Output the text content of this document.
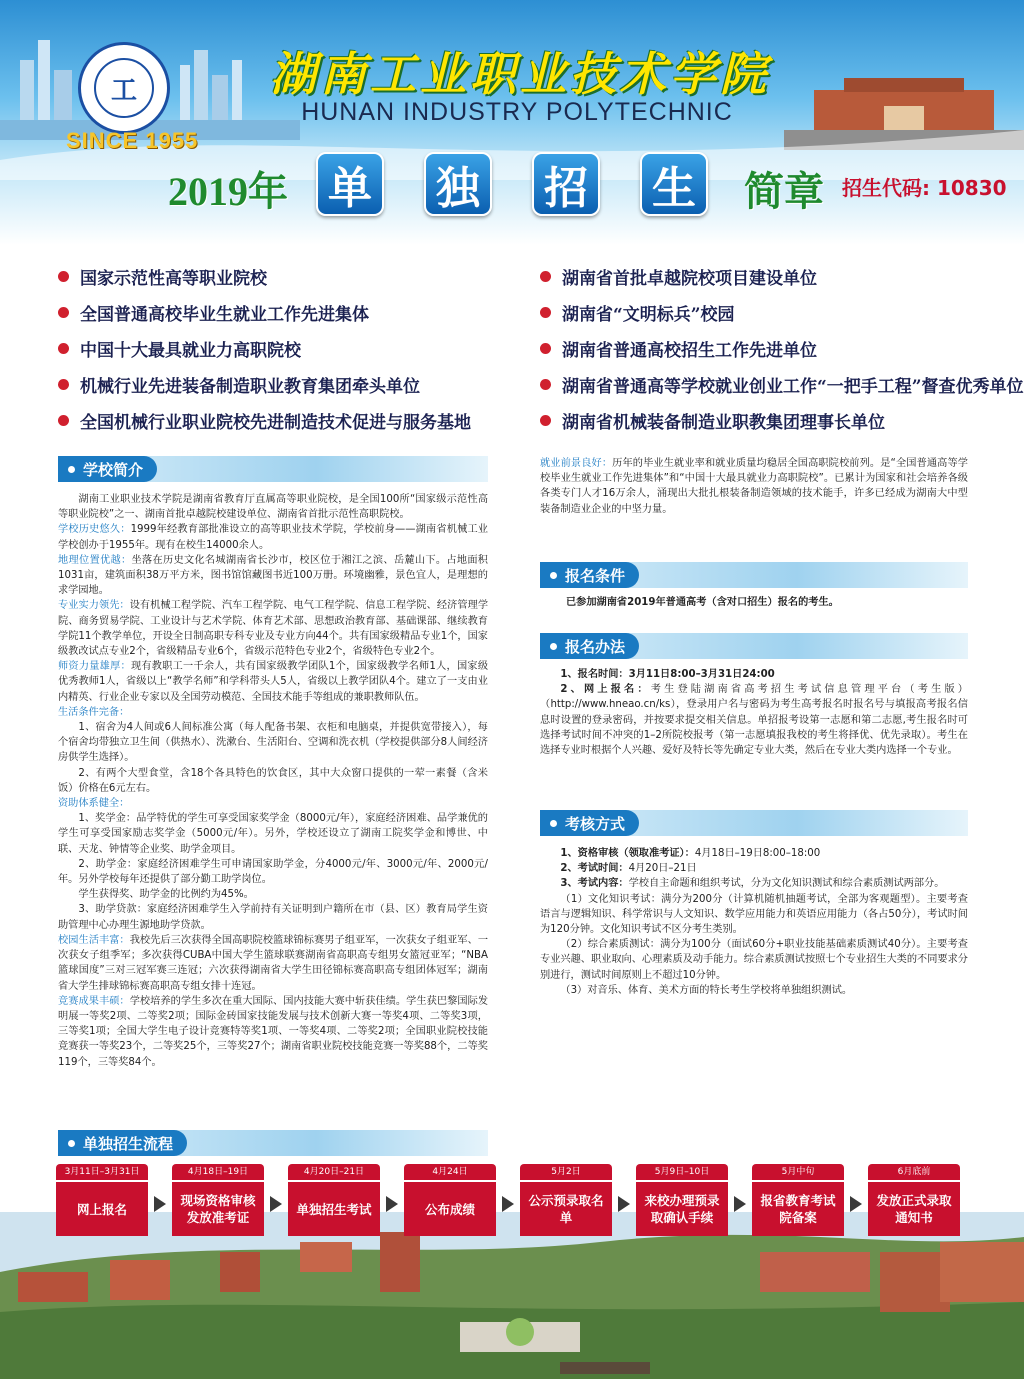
工
SINCE 1955
湖南工业职业技术学院
HUNAN INDUSTRY POLYTECHNIC
2019年 单 独 招 生	简章 招生代码: 10830
国家示范性高等职业院校
全国普通高校毕业生就业工作先进集体
中国十大最具就业力高职院校
机械行业先进装备制造职业教育集团牵头单位
全国机械行业职业院校先进制造技术促进与服务基地
湖南省首批卓越院校项目建设单位
湖南省“文明标兵”校园
湖南省普通高校招生工作先进单位
湖南省普通高等学校就业创业工作“一把手工程”督查优秀单位
湖南省机械装备制造业职教集团理事长单位
学校简介

湖南工业职业技术学院是湖南省教育厅直属高等职业院校，是全国100所“国家级示范性高等职业院校”之一、湖南首批卓越院校建设单位、湖南省首批示范性高职院校。

学校历史悠久：1999年经教育部批准设立的高等职业技术学院，学校前身——湖南省机械工业学校创办于1955年。现有在校生14000余人。

地理位置优越：坐落在历史文化名城湖南省长沙市，校区位于湘江之滨、岳麓山下。占地面积1031亩，建筑面积38万平方米，图书馆馆藏图书近100万册。环境幽雅，景色宜人，是理想的求学园地。

专业实力领先：设有机械工程学院、汽车工程学院、电气工程学院、信息工程学院、经济管理学院、商务贸易学院、工业设计与艺术学院、体育艺术部、思想政治教育部、基础课部、继续教育学院11个教学单位，开设全日制高职专科专业及专业方向44个。共有国家级精品专业1个，国家级教改试点专业2个，省级精品专业6个，省级示范特色专业2个，省级特色专业2个。

师资力量雄厚：现有教职工一千余人，共有国家级教学团队1个，国家级教学名师1人，国家级优秀教师1人，省级以上“教学名师”和学科带头人5人，省级以上教学团队4个。建立了一支由业内精英、行业企业专家以及全国劳动模范、全国技术能手等组成的兼职教师队伍。

生活条件完备：

1、宿舍为4人间或6人间标准公寓（每人配备书架、衣柜和电脑桌，并提供宽带接入），每个宿舍均带独立卫生间（供热水）、洗漱台、生活阳台、空调和洗衣机（学校提供部分8人间经济房供学生选择）。

2、有两个大型食堂，含18个各具特色的饮食区，其中大众窗口提供的一荤一素餐（含米饭）价格在6元左右。

资助体系健全：

1、奖学金：品学特优的学生可享受国家奖学金（8000元/年），家庭经济困难、品学兼优的学生可享受国家励志奖学金（5000元/年）。另外，学校还设立了湖南工院奖学金和博世、中联、天龙、钟情等企业奖、助学金项目。

2、助学金：家庭经济困难学生可申请国家助学金，分4000元/年、3000元/年、2000元/年。另外学校每年还提供了部分勤工助学岗位。

学生获得奖、助学金的比例约为45%。

3、助学贷款：家庭经济困难学生入学前持有关证明到户籍所在市（县、区）教育局学生资助管理中心办理生源地助学贷款。

校园生活丰富：我校先后三次获得全国高职院校篮球锦标赛男子组亚军，一次获女子组亚军、一次获女子组季军；多次获得CUBA中国大学生篮球联赛湖南省高职高专组男女篮冠亚军；“NBA篮球国度”三对三冠军赛三连冠；六次获得湖南省大学生田径锦标赛高职高专组团体冠军；湖南省大学生排球锦标赛高职高专组女排十连冠。

竞赛成果丰硕：学校培养的学生多次在重大国际、国内技能大赛中斩获佳绩。学生获巴黎国际发明展一等奖2项、二等奖2项；国际金砖国家技能发展与技术创新大赛一等奖4项、二等奖3项，三等奖1项；全国大学生电子设计竞赛特等奖1项、一等奖4项、二等奖2项；全国职业院校技能竞赛获一等奖23个，二等奖25个，三等奖27个；湖南省职业院校技能竞赛一等奖88个，二等奖119个，三等奖84个。

就业前景良好：历年的毕业生就业率和就业质量均稳居全国高职院校前列。是“全国普通高等学校毕业生就业工作先进集体”和“中国十大最具就业力高职院校”。已累计为国家和社会培养各级各类专门人才16万余人，涌现出大批扎根装备制造领域的技术能手，许多已经成为湖南大中型装备制造业企业的中坚力量。

报名条件

已参加湖南省2019年普通高考（含对口招生）报名的考生。

报名办法

1、报名时间：3月11日8:00–3月31日24:00

2、网上报名：考生登陆湖南省高考招生考试信息管理平台（考生版）（http://www.hneao.cn/ks），登录用户名与密码为考生高考报名时报名号与填报高考报名信息时设置的登录密码，并按要求提交相关信息。单招报考设第一志愿和第二志愿,考生报名时可选择考试时间不冲突的1–2所院校报考（第一志愿填报我校的考生将择优、优先录取）。考生在选择专业时根据个人兴趣、爱好及特长等先确定专业大类，然后在专业大类内选择一个专业。

考核方式

1、资格审核（领取准考证）：4月18日–19日8:00–18:00

2、考试时间：4月20日–21日

3、考试内容：学校自主命题和组织考试，分为文化知识测试和综合素质测试两部分。

（1）文化知识考试：满分为200分（计算机随机抽题考试，全部为客观题型）。主要考查语言与逻辑知识、科学常识与人文知识、数学应用能力和英语应用能力（各占50分），考试时间为120分钟。文化知识考试不区分考生类别。

（2）综合素质测试：满分为100分（面试60分+职业技能基础素质测试40分）。主要考查专业兴趣、职业取向、心理素质及动手能力。综合素质测试按照七个专业招生大类的不同要求分别进行，测试时间原则上不超过10分钟。

（3）对音乐、体育、美术方面的特长考生学校将单独组织测试。

单独招生流程
3月11日–3月31日
网上报名
4月18日–19日
现场资格审核发放准考证
4月20日–21日
单独招生考试
4月24日
公布成绩
5月2日
公示预录取名单
5月9日–10日
来校办理预录取确认手续
5月中旬
报省教育考试院备案
6月底前
发放正式录取通知书
